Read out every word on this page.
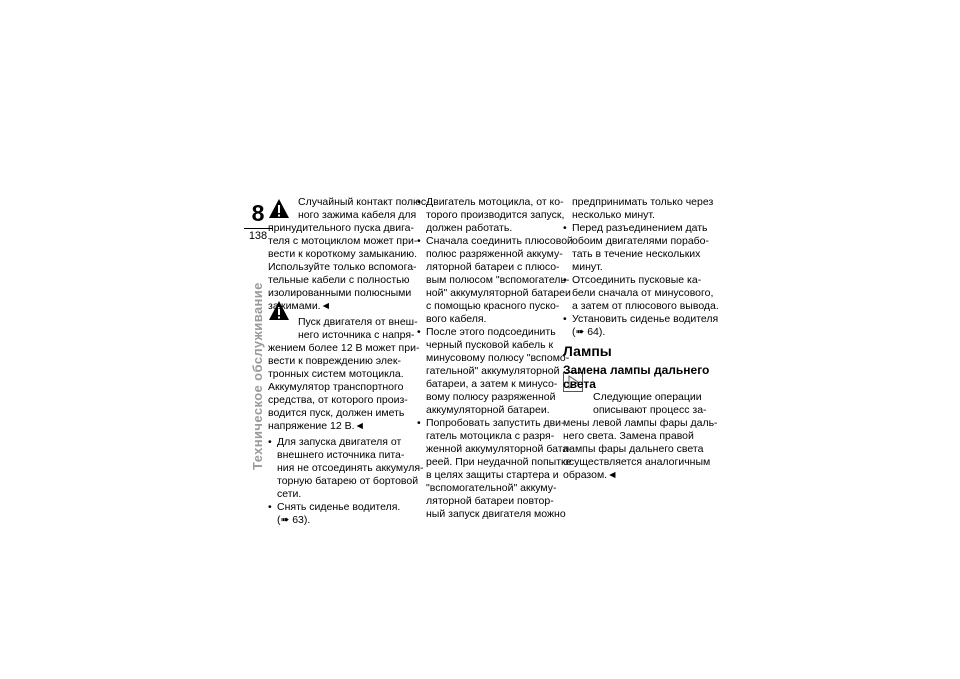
8
138
Техническое обслуживание
Случайный контакт полюс-
ного зажима кабеля для
принудительного пуска двига-
теля с мотоциклом может при-
вести к короткому замыканию.
Используйте только вспомога-
тельные кабели с полностью
изолированными полюсными
зажимами.◄
Пуск двигателя от внеш-
него источника с напря-
жением более 12 В может при-
вести к повреждению элек-
тронных систем мотоцикла.
Аккумулятор транспортного
средства, от которого произ-
водится пуск, должен иметь
напряжение 12 В.◄
• Для запуска двигателя от
внешнего источника пита-
ния не отсоединять аккумуля-
торную батарею от бортовой
сети.
• Снять сиденье водителя.
(➠ 63).
• Двигатель мотоцикла, от ко-
торого производится запуск,
должен работать.
• Сначала соединить плюсовой
полюс разряженной аккуму-
ляторной батареи с плюсо-
вым полюсом "вспомогатель-
ной" аккумуляторной батареи
с помощью красного пуско-
вого кабеля.
• После этого подсоединить
черный пусковой кабель к
минусовому полюсу "вспомо-
гательной" аккумуляторной
батареи, а затем к минусо-
вому полюсу разряженной
аккумуляторной батареи.
• Попробовать запустить дви-
гатель мотоцикла с разря-
женной аккумуляторной бата-
реей. При неудачной попытке
в целях защиты стартера и
"вспомогательной" аккуму-
ляторной батареи повтор-
ный запуск двигателя можно
предпринимать только через
несколько минут.
• Перед разъединением дать
обоим двигателями порабо-
тать в течение нескольких
минут.
• Отсоединить пусковые ка-
бели сначала от минусового,
а затем от плюсового вывода.
• Установить сиденье водителя
(➠ 64).
Лампы
Замена лампы дальнего
света
Следующие операции
описывают процесс за-
мены левой лампы фары даль-
него света. Замена правой
лампы фары дальнего света
осуществляется аналогичным
образом.◄
